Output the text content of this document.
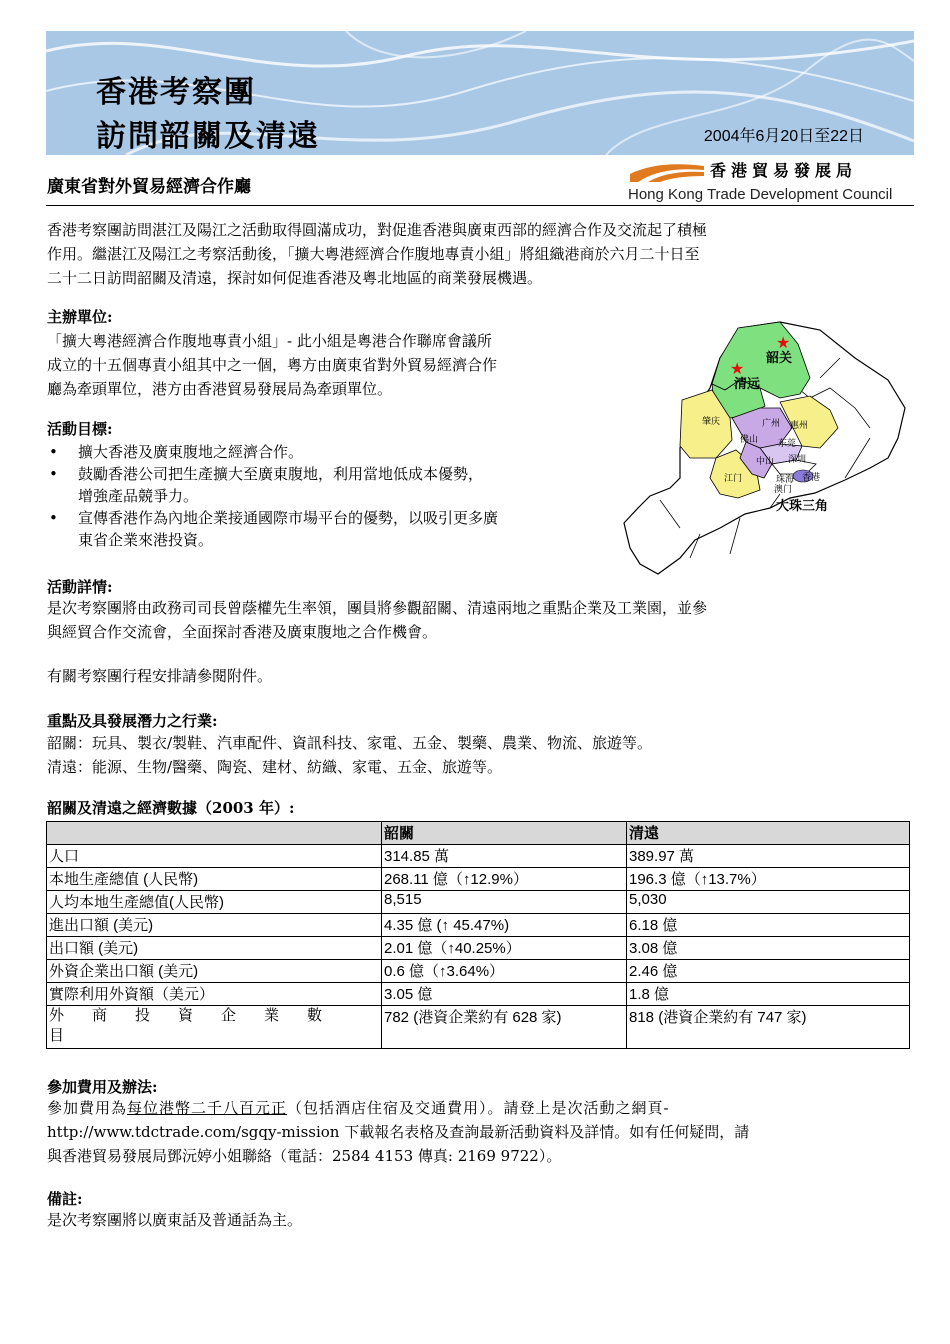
香港考察團
訪問韶關及清遠	2004年6月20日至22日
廣東省對外貿易經濟合作廳
香港貿易發展局
Hong Kong Trade Development Council

香港考察團訪問湛江及陽江之活動取得圓滿成功，對促進香港與廣東西部的經濟合作及交流起了積極

作用。繼湛江及陽江之考察活動後，「擴大粵港經濟合作腹地專責小組」將組織港商於六月二十日至

二十二日訪問韶關及清遠，探討如何促進香港及粵北地區的商業發展機遇。

主辦單位:

「擴大粵港經濟合作腹地專責小組」- 此小組是粵港合作聯席會議所

成立的十五個專責小組其中之一個，粵方由廣東省對外貿易經濟合作

廳為牽頭單位，港方由香港貿易發展局為牽頭單位。

活動目標:
• 擴大香港及廣東腹地之經濟合作。
• 鼓勵香港公司把生產擴大至廣東腹地，利用當地低成本優勢，
增強產品競爭力。
• 宣傳香港作為內地企業接通國際市場平台的優勢，以吸引更多廣
東省企業來港投資。
★
★
韶关
清远
肇庆	广州 惠州
佛山 东莞
深圳
中山
江门	珠海 香港
澳门
大珠三角
活動詳情:

是次考察團將由政務司司長曾蔭權先生率領，團員將參觀韶關、清遠兩地之重點企業及工業園，並參

與經貿合作交流會，全面探討香港及廣東腹地之合作機會。

有關考察團行程安排請參閱附件。
重點及具發展潛力之行業:

韶關：玩具、製衣/製鞋、汽車配件、資訊科技、家電、五金、製藥、農業、物流、旅遊等。

清遠：能源、生物/醫藥、陶瓷、建材、紡織、家電、五金、旅遊等。

韶關及清遠之經濟數據（2003 年）:
	韶關	清遠
人口	314.85 萬	389.97 萬
本地生產總值 (人民幣)	268.11 億（↑12.9%）	196.3 億（↑13.7%）
人均本地生產總值(人民幣)	8,515	5,030
進出口額 (美元)	4.35 億 (↑ 45.47%)	6.18 億
出口額 (美元)	2.01 億（↑40.25%）	3.08 億
外資企業出口額 (美元)	0.6 億（↑3.64%）	2.46 億
實際利用外資額（美元）	3.05 億	1.8 億
外商投資企業數目	782 (港資企業約有 628 家)	818 (港資企業約有 747 家)
參加費用及辦法:

參加費用為每位港幣二千八百元正（包括酒店住宿及交通費用）。請登上是次活動之網頁-

http://www.tdctrade.com/sgqy-mission 下載報名表格及查詢最新活動資料及詳情。如有任何疑問，請

與香港貿易發展局鄧沅婷小姐聯絡（電話：2584 4153 傳真: 2169 9722）。

備註:
是次考察團將以廣東話及普通話為主。
